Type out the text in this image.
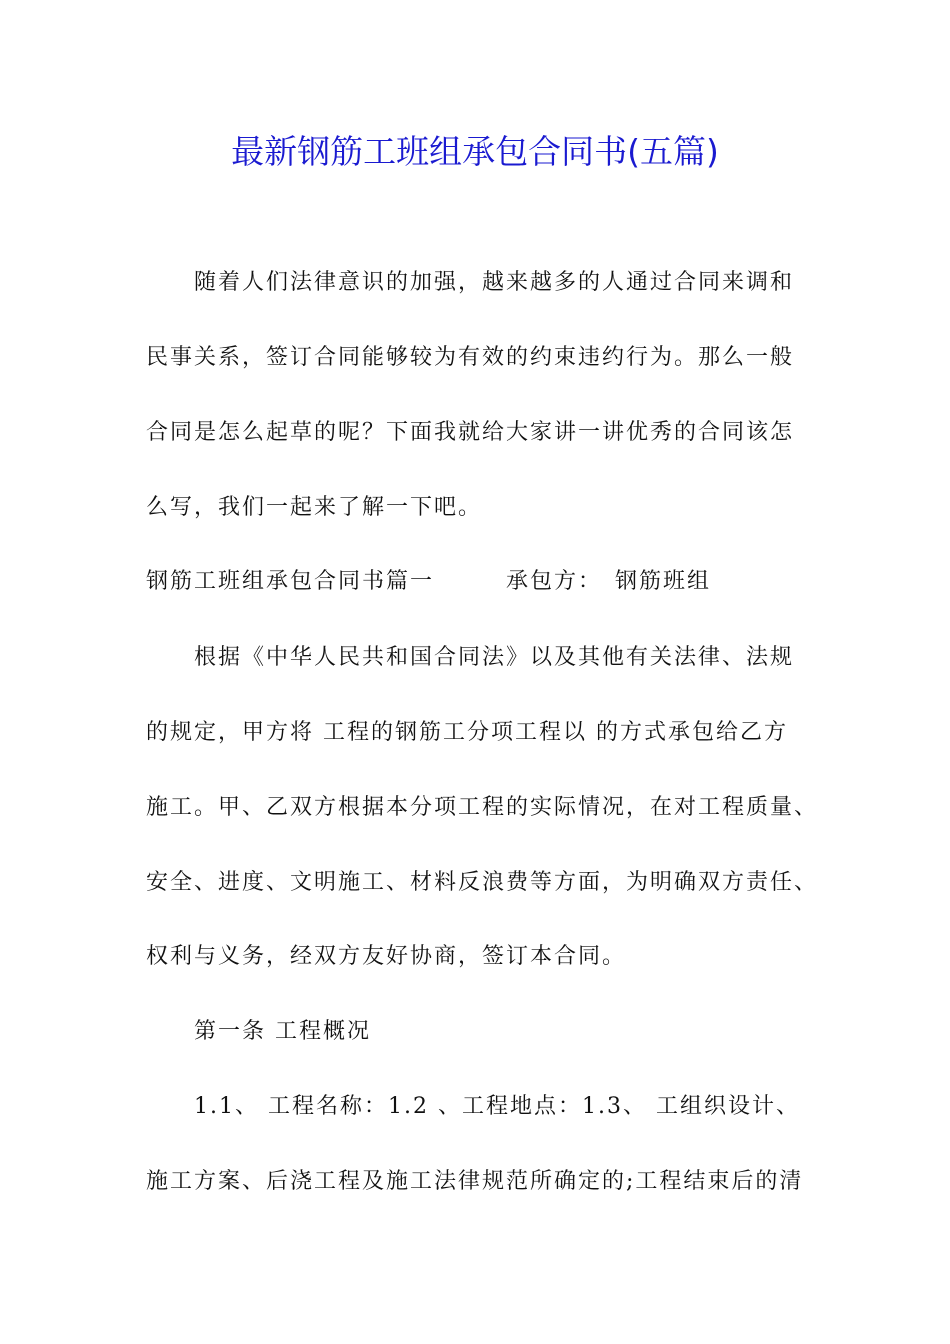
最新钢筋工班组承包合同书(五篇)
随着人们法律意识的加强，越来越多的人通过合同来调和
民事关系，签订合同能够较为有效的约束违约行为。那么一般
合同是怎么起草的呢？下面我就给大家讲一讲优秀的合同该怎
么写，我们一起来了解一下吧。
钢筋工班组承包合同书篇一　　　承包方：　钢筋班组
根据《中华人民共和国合同法》以及其他有关法律、法规
的规定，甲方将 工程的钢筋工分项工程以 的方式承包给乙方
施工。甲、乙双方根据本分项工程的实际情况，在对工程质量、
安全、进度、文明施工、材料反浪费等方面，为明确双方责任、
权利与义务，经双方友好协商，签订本合同。
第一条 工程概况
1.1、 工程名称：1.2 、工程地点：1.3、 工组织设计、
施工方案、后浇工程及施工法律规范所确定的;工程结束后的清
